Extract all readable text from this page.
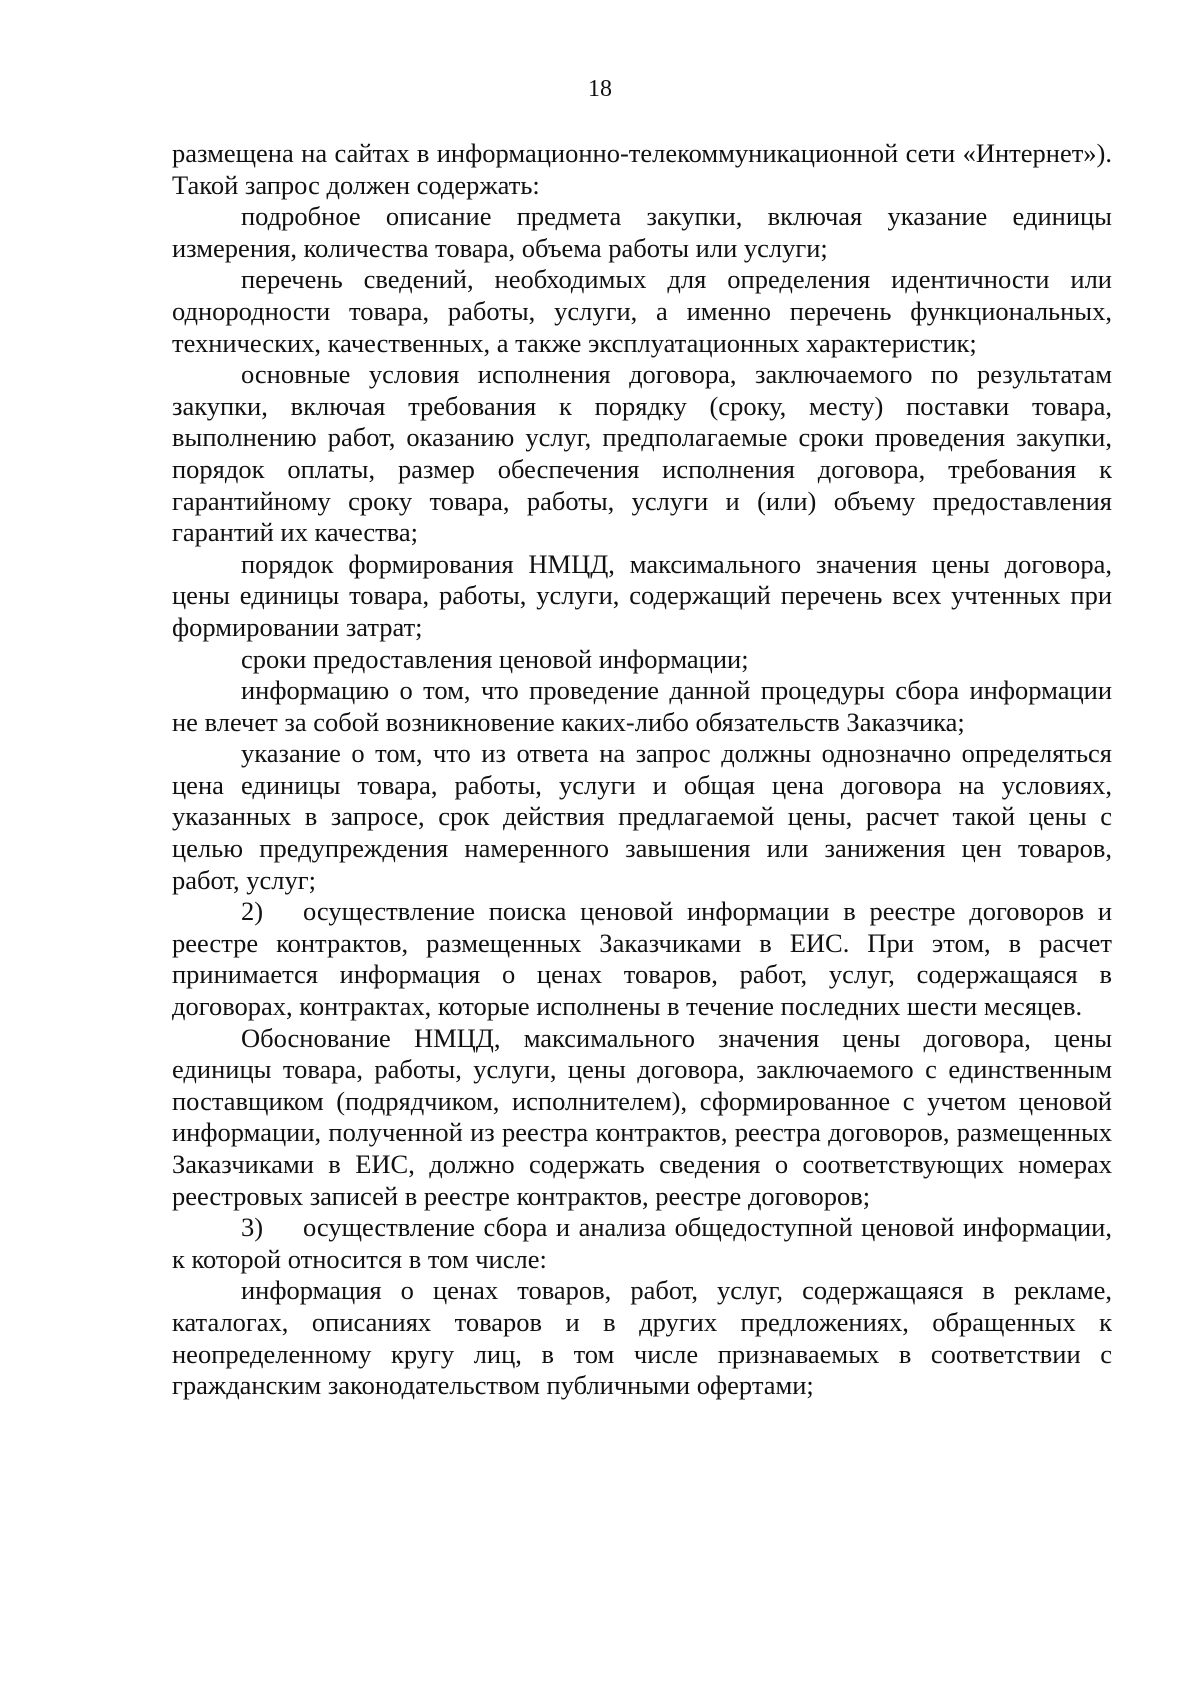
18

размещена на сайтах в информационно-телекоммуникационной сети «Интернет»). Такой запрос должен содержать:

подробное описание предмета закупки, включая указание единицы измерения, количества товара, объема работы или услуги;

перечень сведений, необходимых для определения идентичности или однородности товара, работы, услуги, а именно перечень функциональных, технических, качественных, а также эксплуатационных характеристик;

основные условия исполнения договора, заключаемого по результатам закупки, включая требования к порядку (сроку, месту) поставки товара, выполнению работ, оказанию услуг, предполагаемые сроки проведения закупки, порядок оплаты, размер обеспечения исполнения договора, требования к гарантийному сроку товара, работы, услуги и (или) объему предоставления гарантий их качества;

порядок формирования НМЦД, максимального значения цены договора, цены единицы товара, работы, услуги, содержащий перечень всех учтенных при формировании затрат;

сроки предоставления ценовой информации;

информацию о том, что проведение данной процедуры сбора информации не влечет за собой возникновение каких-либо обязательств Заказчика;

указание о том, что из ответа на запрос должны однозначно определяться цена единицы товара, работы, услуги и общая цена договора на условиях, указанных в запросе, срок действия предлагаемой цены, расчет такой цены с целью предупреждения намеренного завышения или занижения цен товаров, работ, услуг;

2) осуществление поиска ценовой информации в реестре договоров и реестре контрактов, размещенных Заказчиками в ЕИС. При этом, в расчет принимается информация о ценах товаров, работ, услуг, содержащаяся в договорах, контрактах, которые исполнены в течение последних шести месяцев.

Обоснование НМЦД, максимального значения цены договора, цены единицы товара, работы, услуги, цены договора, заключаемого с единственным поставщиком (подрядчиком, исполнителем), сформированное с учетом ценовой информации, полученной из реестра контрактов, реестра договоров, размещенных Заказчиками в ЕИС, должно содержать сведения о соответствующих номерах реестровых записей в реестре контрактов, реестре договоров;

3) осуществление сбора и анализа общедоступной ценовой информации, к которой относится в том числе:

информация о ценах товаров, работ, услуг, содержащаяся в рекламе, каталогах, описаниях товаров и в других предложениях, обращенных к неопределенному кругу лиц, в том числе признаваемых в соответствии с гражданским законодательством публичными офертами;
